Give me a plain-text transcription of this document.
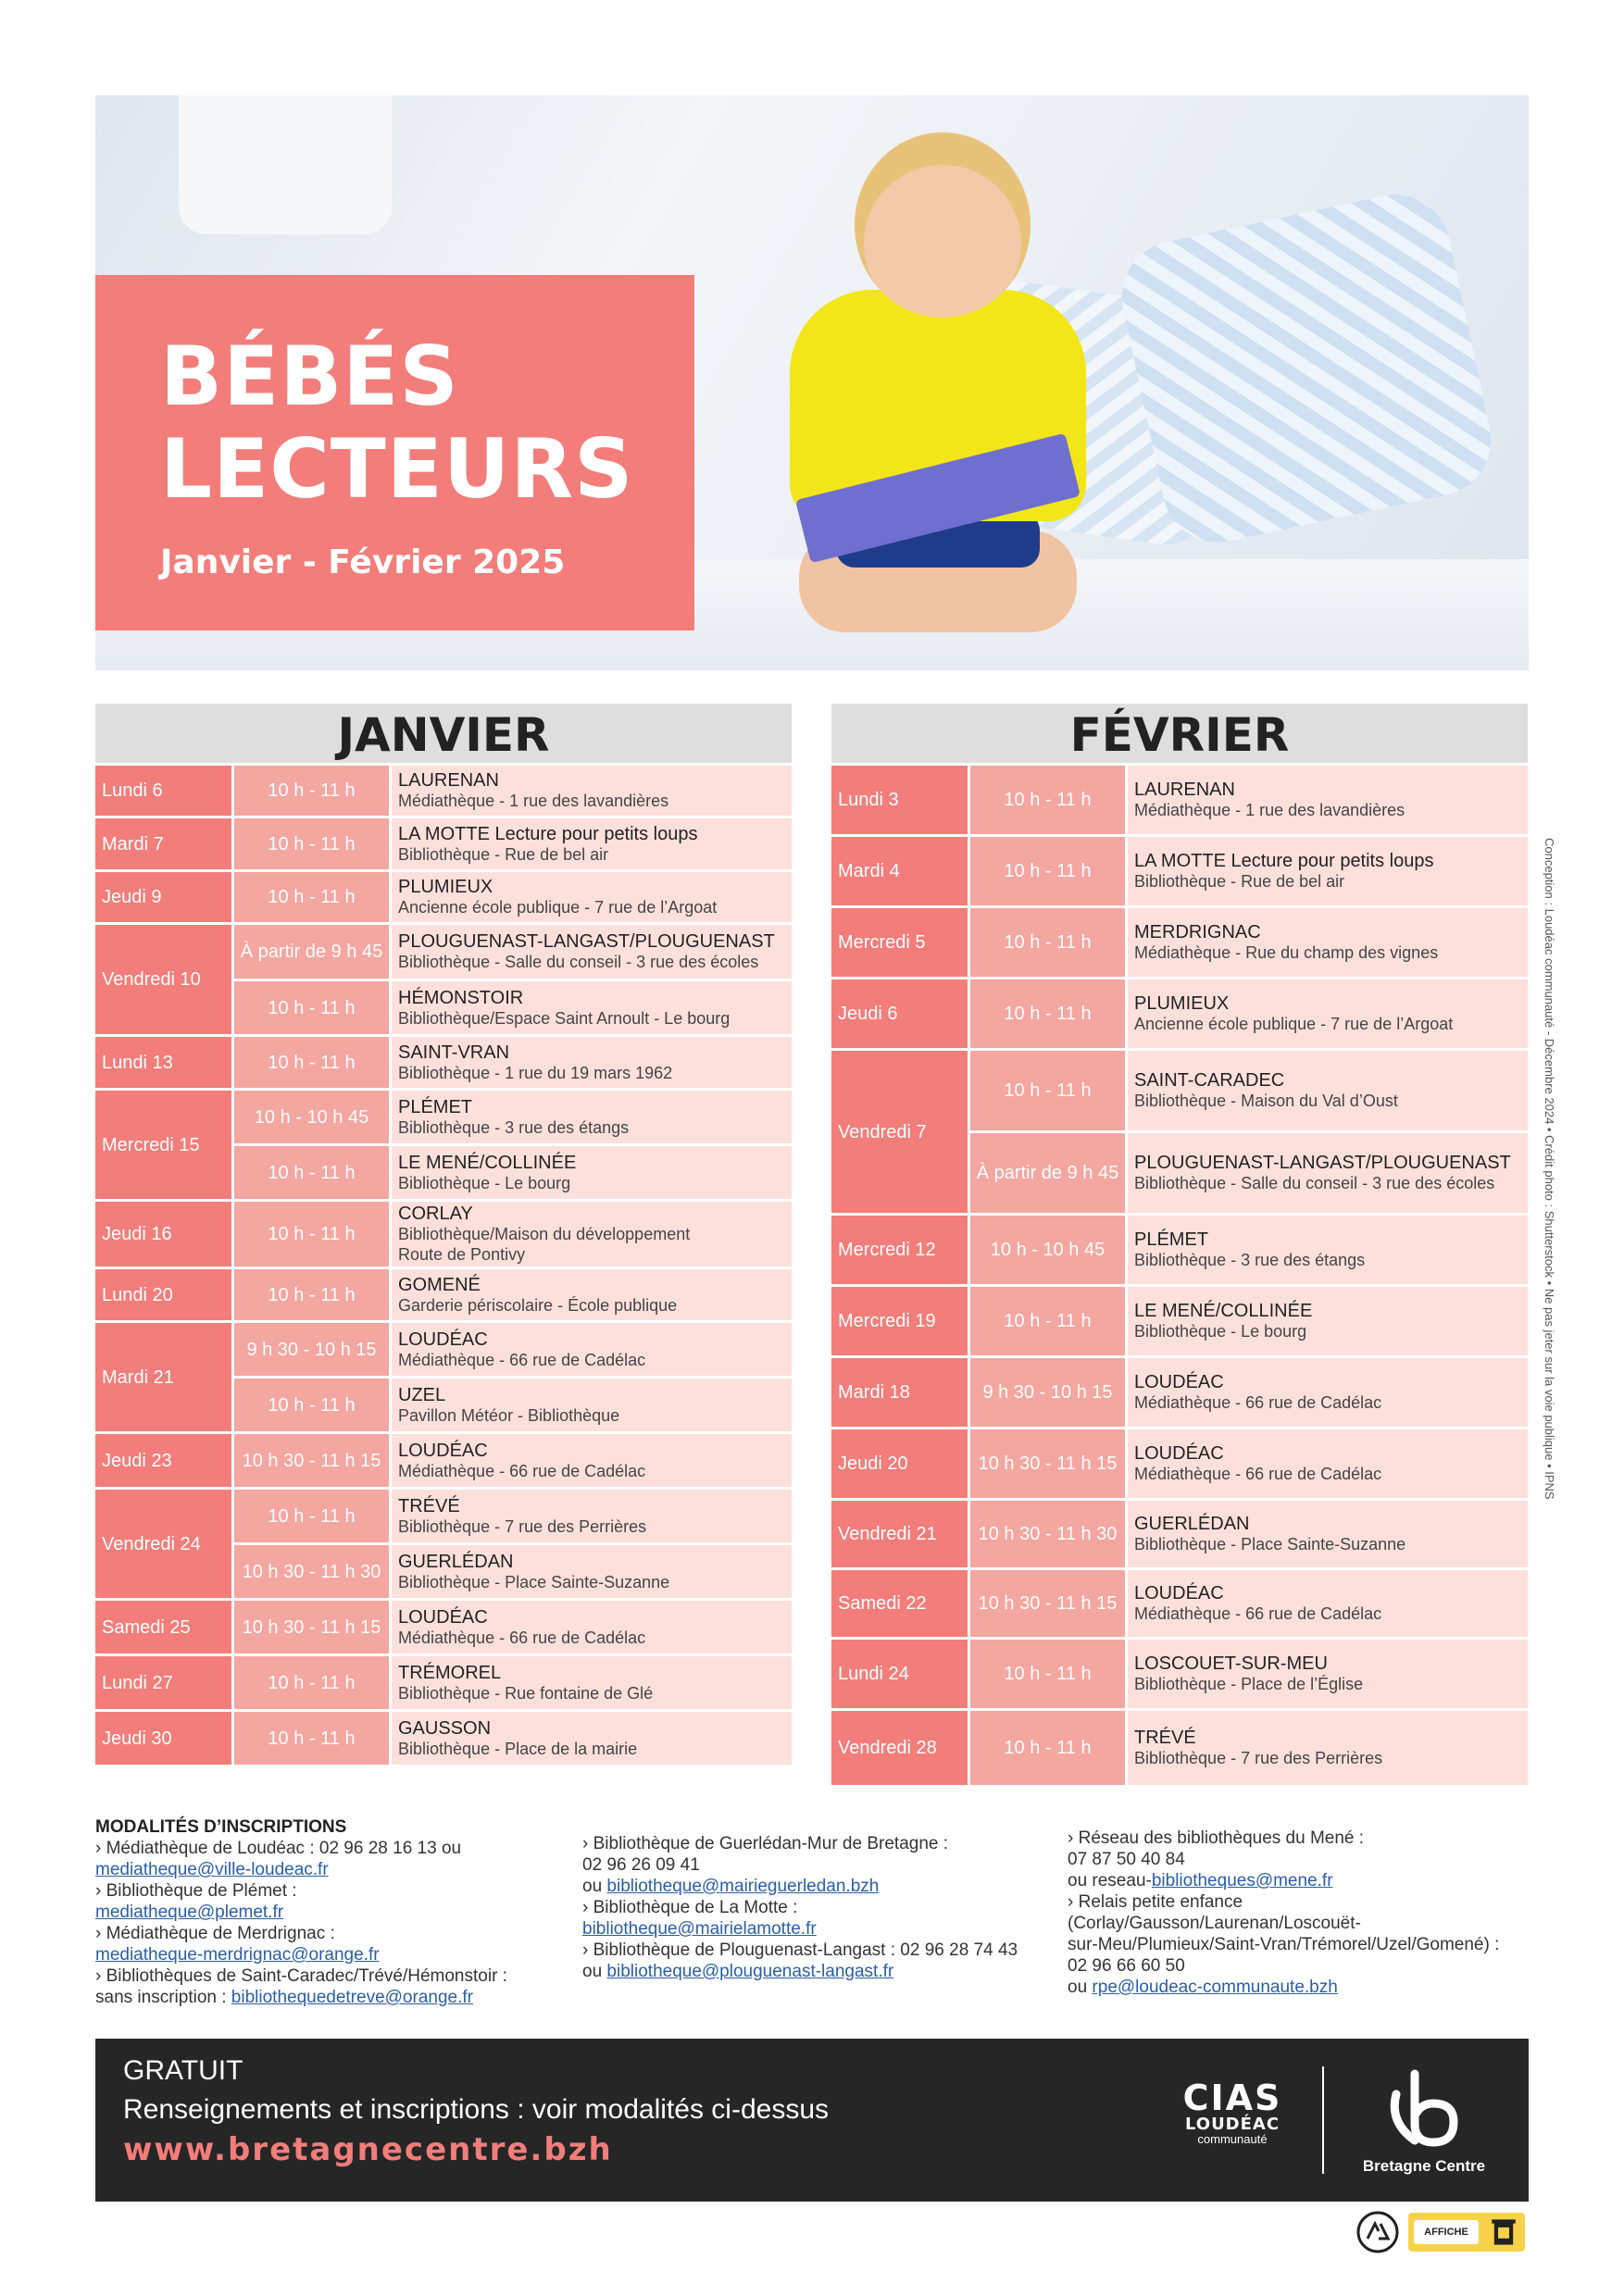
BÉBÉS
LECTEURS
Janvier - Février 2025
JANVIER
Lundi 6	10 h - 11 h	LAURENAN
Médiathèque - 1 rue des lavandières

Mardi 7	10 h - 11 h	LA MOTTE Lecture pour petits loups
Bibliothèque - Rue de bel air

Jeudi 9	10 h - 11 h	PLUMIEUX
Ancienne école publique - 7 rue de l’Argoat

Vendredi 10	À partir de 9 h 45	PLOUGUENAST-LANGAST/PLOUGUENAST
Bibliothèque - Salle du conseil - 3 rue des écoles

	10 h - 11 h	HÉMONSTOIR
Bibliothèque/Espace Saint Arnoult - Le bourg

Lundi 13	10 h - 11 h	SAINT-VRAN
Bibliothèque - 1 rue du 19 mars 1962

Mercredi 15	10 h - 10 h 45	PLÉMET
Bibliothèque - 3 rue des étangs

	10 h - 11 h	LE MENÉ/COLLINÉE
Bibliothèque - Le bourg

Jeudi 16	10 h - 11 h	CORLAY
Bibliothèque/Maison du développement
Route de Pontivy

Lundi 20	10 h - 11 h	GOMENÉ
Garderie périscolaire - École publique

Mardi 21	9 h 30 - 10 h 15	LOUDÉAC
Médiathèque - 66 rue de Cadélac

	10 h - 11 h	UZEL
Pavillon Météor - Bibliothèque

Jeudi 23	10 h 30 - 11 h 15	LOUDÉAC
Médiathèque - 66 rue de Cadélac

Vendredi 24	10 h - 11 h	TRÉVÉ
Bibliothèque - 7 rue des Perrières

	10 h 30 - 11 h 30	GUERLÉDAN
Bibliothèque - Place Sainte-Suzanne

Samedi 25	10 h 30 - 11 h 15	LOUDÉAC
Médiathèque - 66 rue de Cadélac

Lundi 27	10 h - 11 h	TRÉMOREL
Bibliothèque - Rue fontaine de Glé

Jeudi 30	10 h - 11 h	GAUSSON
Bibliothèque - Place de la mairie
FÉVRIER
Lundi 3	10 h - 11 h	LAURENAN
Médiathèque - 1 rue des lavandières

Mardi 4	10 h - 11 h	LA MOTTE Lecture pour petits loups
Bibliothèque - Rue de bel air

Mercredi 5	10 h - 11 h	MERDRIGNAC
Médiathèque - Rue du champ des vignes

Jeudi 6	10 h - 11 h	PLUMIEUX
Ancienne école publique - 7 rue de l’Argoat

Vendredi 7	10 h - 11 h	SAINT-CARADEC
Bibliothèque - Maison du Val d’Oust

	À partir de 9 h 45	PLOUGUENAST-LANGAST/PLOUGUENAST
Bibliothèque - Salle du conseil - 3 rue des écoles

Mercredi 12	10 h - 10 h 45	PLÉMET
Bibliothèque - 3 rue des étangs

Mercredi 19	10 h - 11 h	LE MENÉ/COLLINÉE
Bibliothèque - Le bourg

Mardi 18	9 h 30 - 10 h 15	LOUDÉAC
Médiathèque - 66 rue de Cadélac

Jeudi 20	10 h 30 - 11 h 15	LOUDÉAC
Médiathèque - 66 rue de Cadélac

Vendredi 21	10 h 30 - 11 h 30	GUERLÉDAN
Bibliothèque - Place Sainte-Suzanne

Samedi 22	10 h 30 - 11 h 15	LOUDÉAC
Médiathèque - 66 rue de Cadélac

Lundi 24	10 h - 11 h	LOSCOUET-SUR-MEU
Bibliothèque - Place de l’Église

Vendredi 28	10 h - 11 h	TRÉVÉ
Bibliothèque - 7 rue des Perrières
Conception : Loudéac communauté - Décembre 2024 • Crédit photo : Shutterstock • Ne pas jeter sur la voie publique • IPNS
MODALITÉS D’INSCRIPTIONS
› Médiathèque de Loudéac : 02 96 28 16 13 ou
mediatheque@ville-loudeac.fr
› Bibliothèque de Plémet :
mediatheque@plemet.fr
› Médiathèque de Merdrignac :
mediatheque-merdrignac@orange.fr
› Bibliothèques de Saint-Caradec/Trévé/Hémonstoir :
sans inscription : bibliothequedetreve@orange.fr
› Bibliothèque de Guerlédan-Mur de Bretagne :
02 96 26 09 41
ou bibliotheque@mairieguerledan.bzh
› Bibliothèque de La Motte :
bibliotheque@mairielamotte.fr
› Bibliothèque de Plouguenast-Langast : 02 96 28 74 43
ou bibliotheque@plouguenast-langast.fr
› Réseau des bibliothèques du Mené :
07 87 50 40 84
ou reseau-bibliotheques@mene.fr
› Relais petite enfance (Corlay/Gausson/Laurenan/Loscouët-
sur-Meu/Plumieux/Saint-Vran/Trémorel/Uzel/Gomené) :
02 96 66 60 50
ou rpe@loudeac-communaute.bzh
GRATUIT
Renseignements et inscriptions : voir modalités ci-dessus
www.bretagnecentre.bzh
CIAS
LOUDÉAC
communauté
Bretagne Centre
AFFICHE
